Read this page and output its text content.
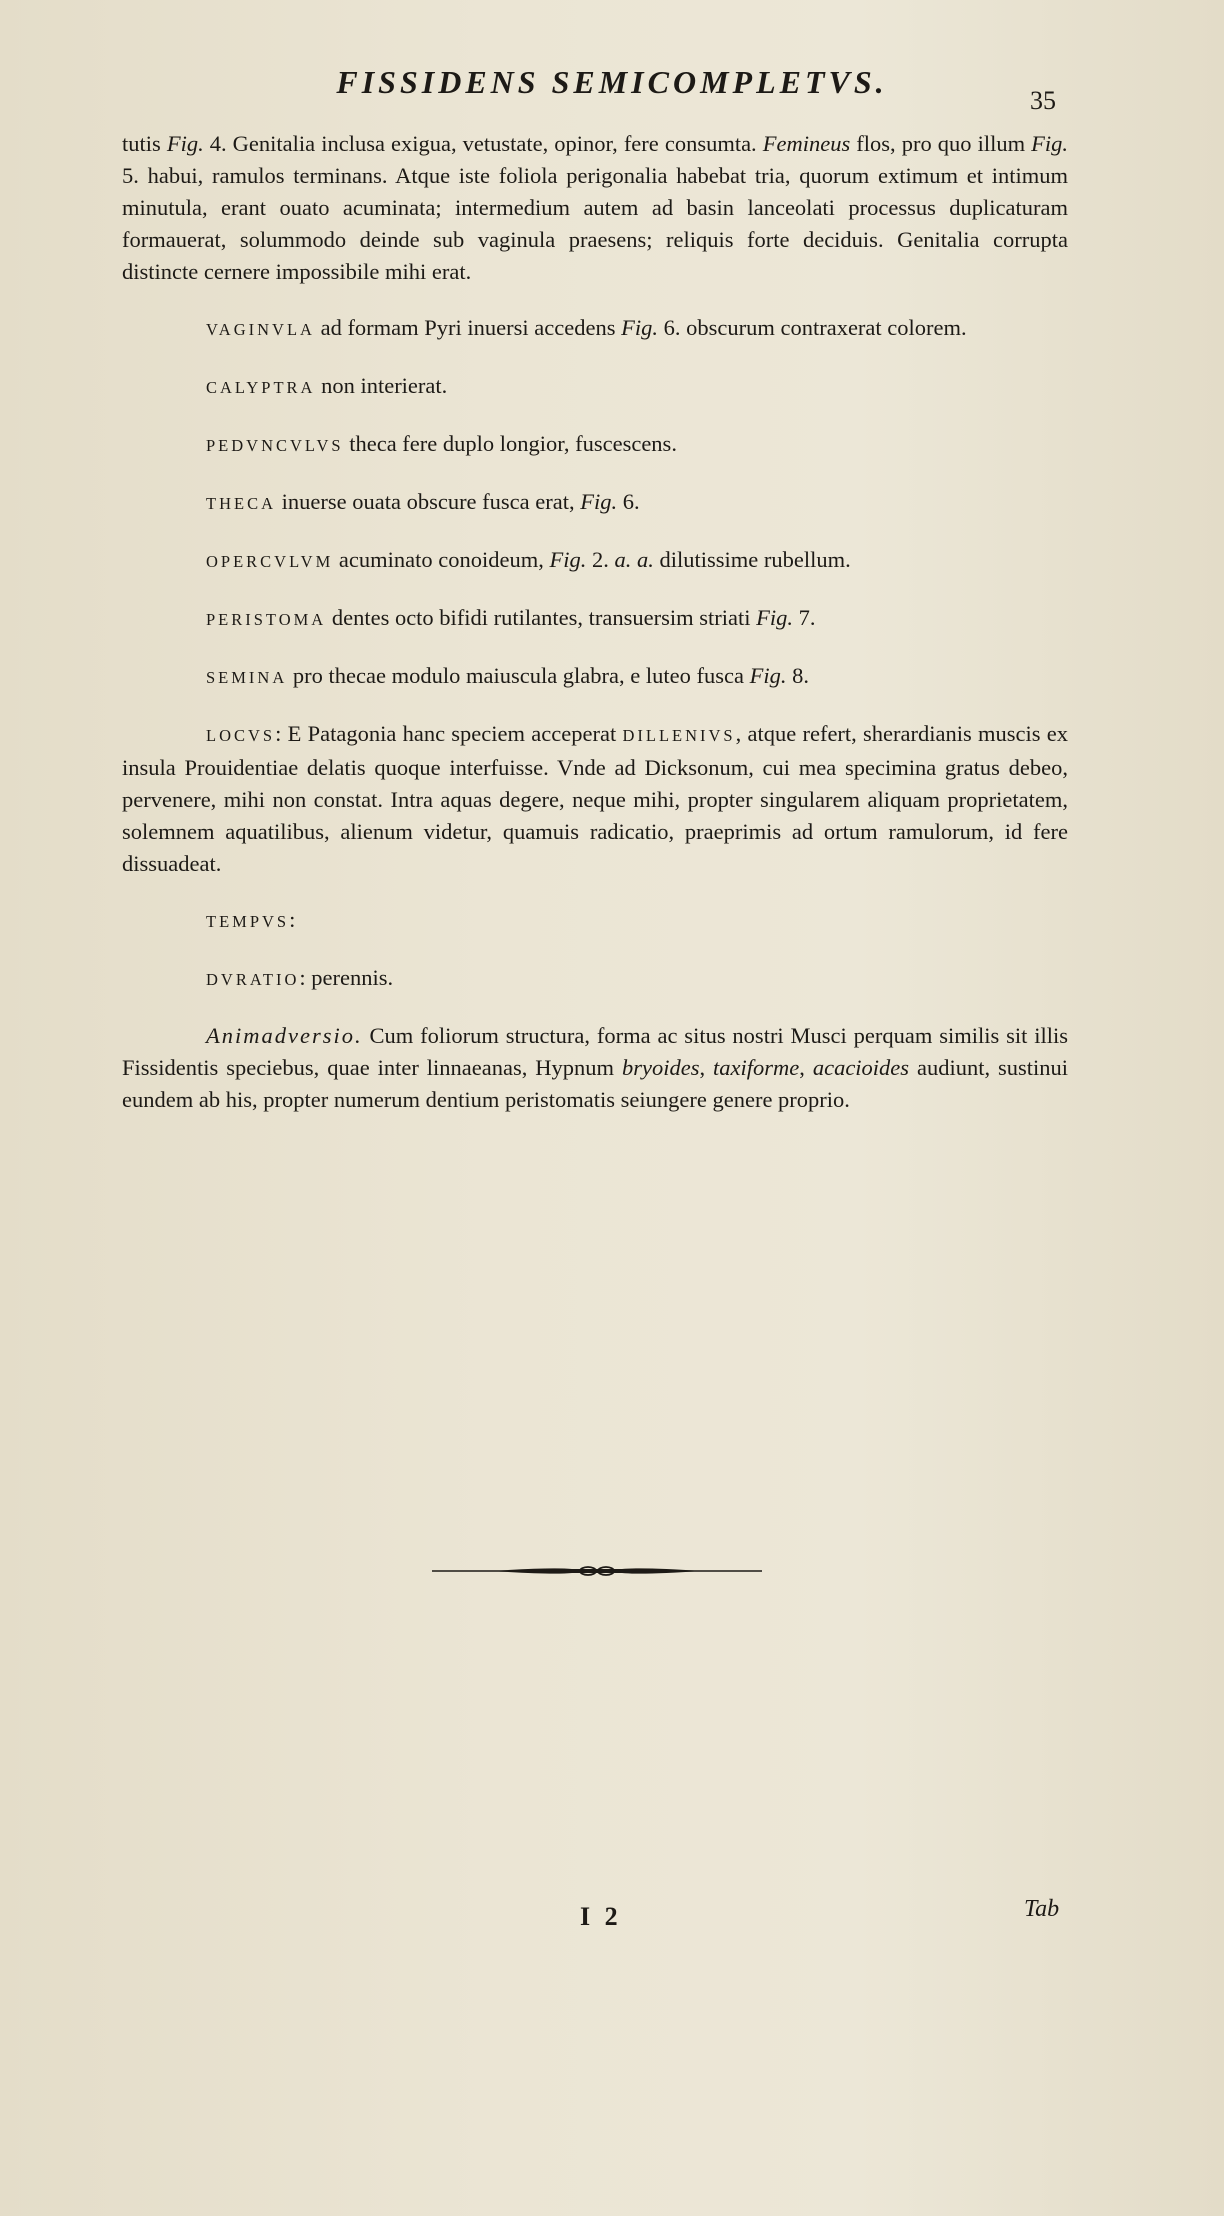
FISSIDENS SEMICOMPLETVS.
35

tutis Fig. 4. Genitalia inclusa exigua, vetustate, opinor, fere consumta. Femineus flos, pro quo illum Fig. 5. habui, ramulos terminans. Atque iste foliola perigonalia habebat tria, quorum extimum et intimum minutula, erant ouato acuminata; intermedium autem ad basin lanceolati processus duplicaturam formauerat, solummodo deinde sub vaginula praesens; reliquis forte deciduis. Genitalia corrupta distincte cernere impossibile mihi erat.

VAGINVLA ad formam Pyri inuersi accedens Fig. 6. obscurum contraxerat colorem.

CALYPTRA non interierat.

PEDVNCVLVS theca fere duplo longior, fuscescens.

THECA inuerse ouata obscure fusca erat, Fig. 6.

OPERCVLVM acuminato conoideum, Fig. 2. a. a. dilutissime rubellum.

PERISTOMA dentes octo bifidi rutilantes, transuersim striati Fig. 7.

SEMINA pro thecae modulo maiuscula glabra, e luteo fusca Fig. 8.

LOCVS: E Patagonia hanc speciem acceperat DILLENIVS, atque refert, sherardianis muscis ex insula Prouidentiae delatis quoque interfuisse. Vnde ad Dicksonum, cui mea specimina gratus debeo, pervenere, mihi non constat. Intra aquas degere, neque mihi, propter singularem aliquam proprietatem, solemnem aquatilibus, alienum videtur, quamuis radicatio, praeprimis ad ortum ramulorum, id fere dissuadeat.

TEMPVS:

DVRATIO: perennis.

Animadversio. Cum foliorum structura, forma ac situs nostri Musci perquam similis sit illis Fissidentis speciebus, quae inter linnaeanas, Hypnum bryoides, taxiforme, acacioides audiunt, sustinui eundem ab his, propter numerum dentium peristomatis seiungere genere proprio.

I 2	Tab
